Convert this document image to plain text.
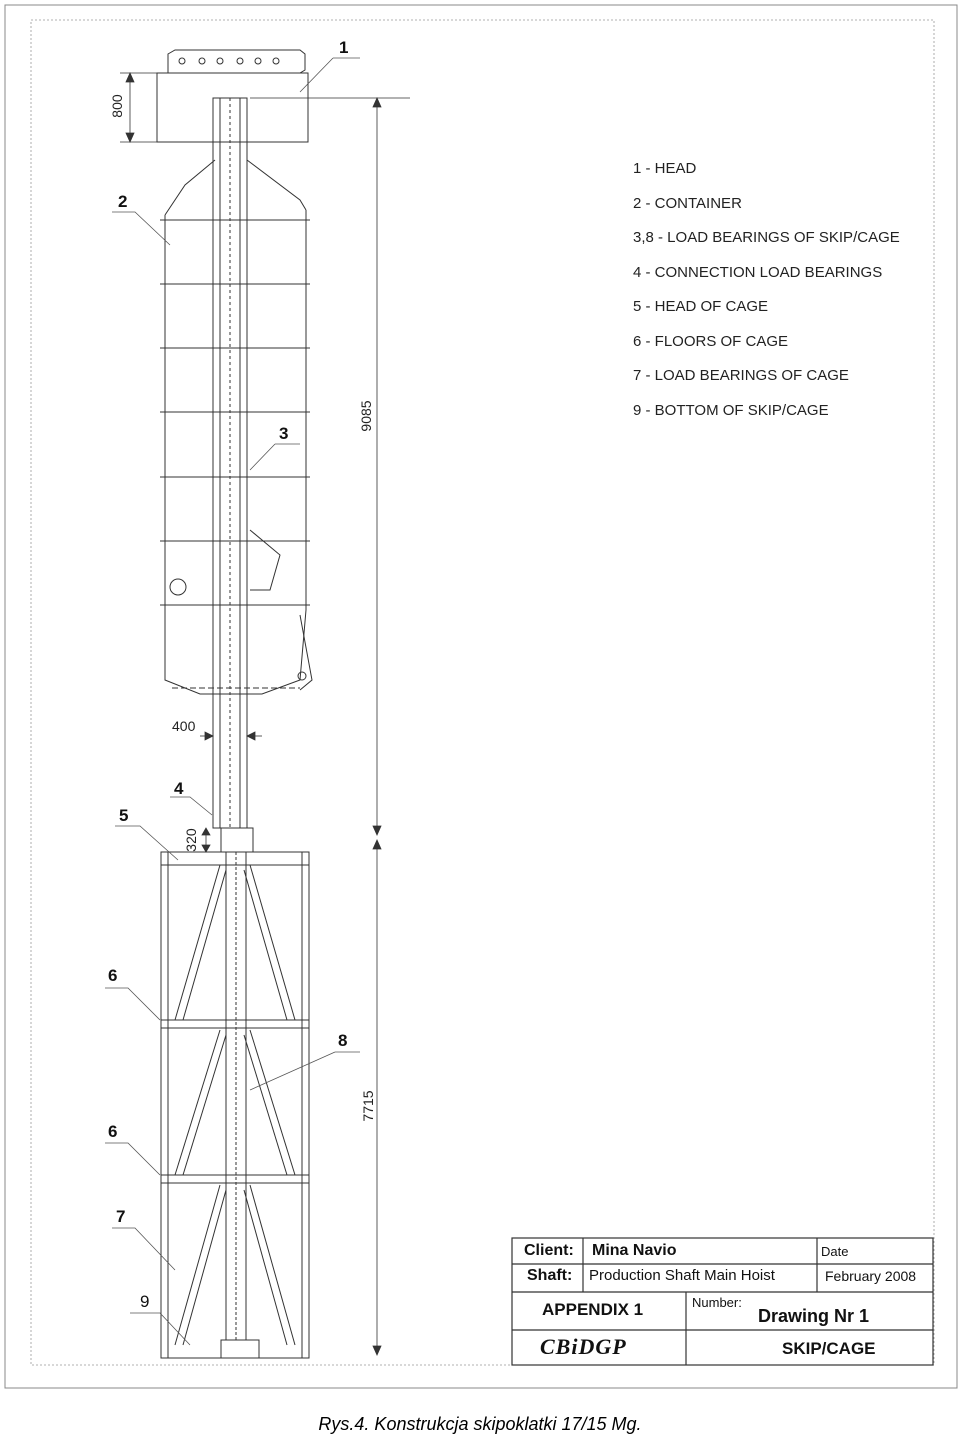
1 - HEAD
2 - CONTAINER
3,8 - LOAD BEARINGS OF SKIP/CAGE
4 - CONNECTION LOAD BEARINGS
5 - HEAD OF CAGE
6 - FLOORS OF CAGE
7 - LOAD BEARINGS OF CAGE
9 - BOTTOM OF SKIP/CAGE
1
2
3
4
5
6
8
6
7
9
800
9085
400
320
7715
Client: Mina Navio	Date
Shaft: Production Shaft Main Hoist	February 2008
APPENDIX 1	Number:
Drawing Nr 1
CBiDGP	SKIP/CAGE
Rys.4. Konstrukcja skipoklatki 17/15 Mg.
